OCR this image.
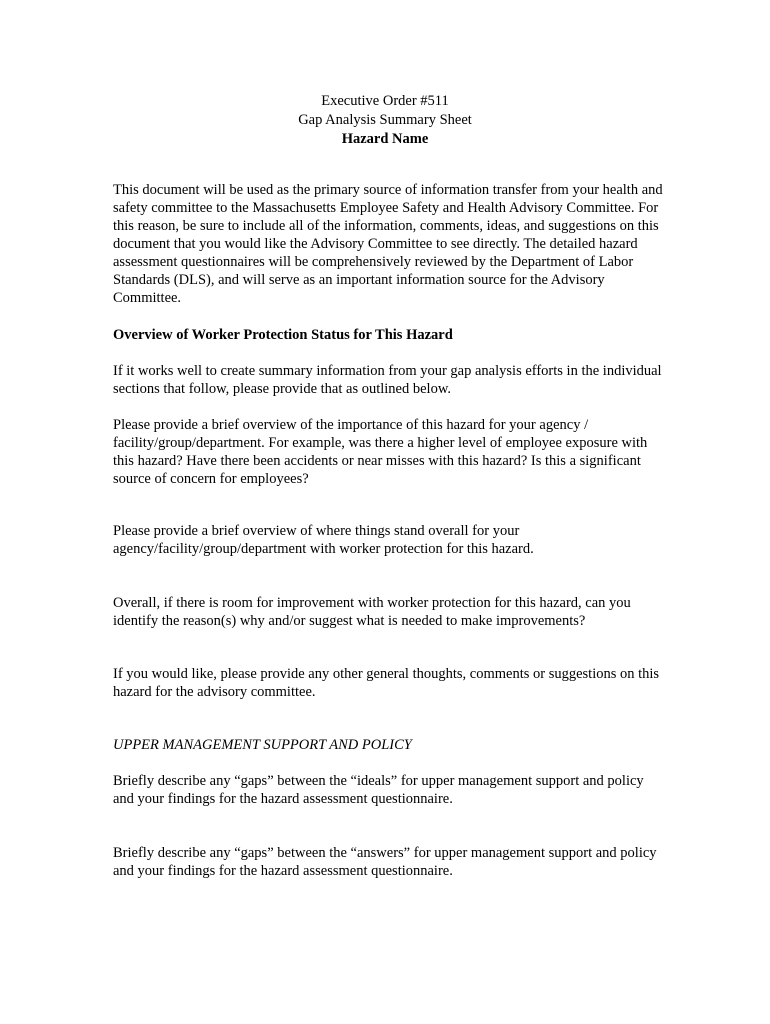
Executive Order #511
Gap Analysis Summary Sheet
Hazard Name

This document will be used as the primary source of information transfer from your health and safety committee to the Massachusetts Employee Safety and Health Advisory Committee. For this reason, be sure to include all of the information, comments, ideas, and suggestions on this document that you would like the Advisory Committee to see directly. The detailed hazard assessment questionnaires will be comprehensively reviewed by the Department of Labor Standards (DLS), and will serve as an important information source for the Advisory Committee.

Overview of Worker Protection Status for This Hazard

If it works well to create summary information from your gap analysis efforts in the individual sections that follow, please provide that as outlined below.

Please provide a brief overview of the importance of this hazard for your agency / facility/group/department. For example, was there a higher level of employee exposure with this hazard? Have there been accidents or near misses with this hazard? Is this a significant source of concern for employees?

Please provide a brief overview of where things stand overall for your agency/facility/group/department with worker protection for this hazard.

Overall, if there is room for improvement with worker protection for this hazard, can you identify the reason(s) why and/or suggest what is needed to make improvements?

If you would like, please provide any other general thoughts, comments or suggestions on this hazard for the advisory committee.

UPPER MANAGEMENT SUPPORT AND POLICY

Briefly describe any “gaps” between the “ideals” for upper management support and policy and your findings for the hazard assessment questionnaire.

Briefly describe any “gaps” between the “answers” for upper management support and policy and your findings for the hazard assessment questionnaire.
